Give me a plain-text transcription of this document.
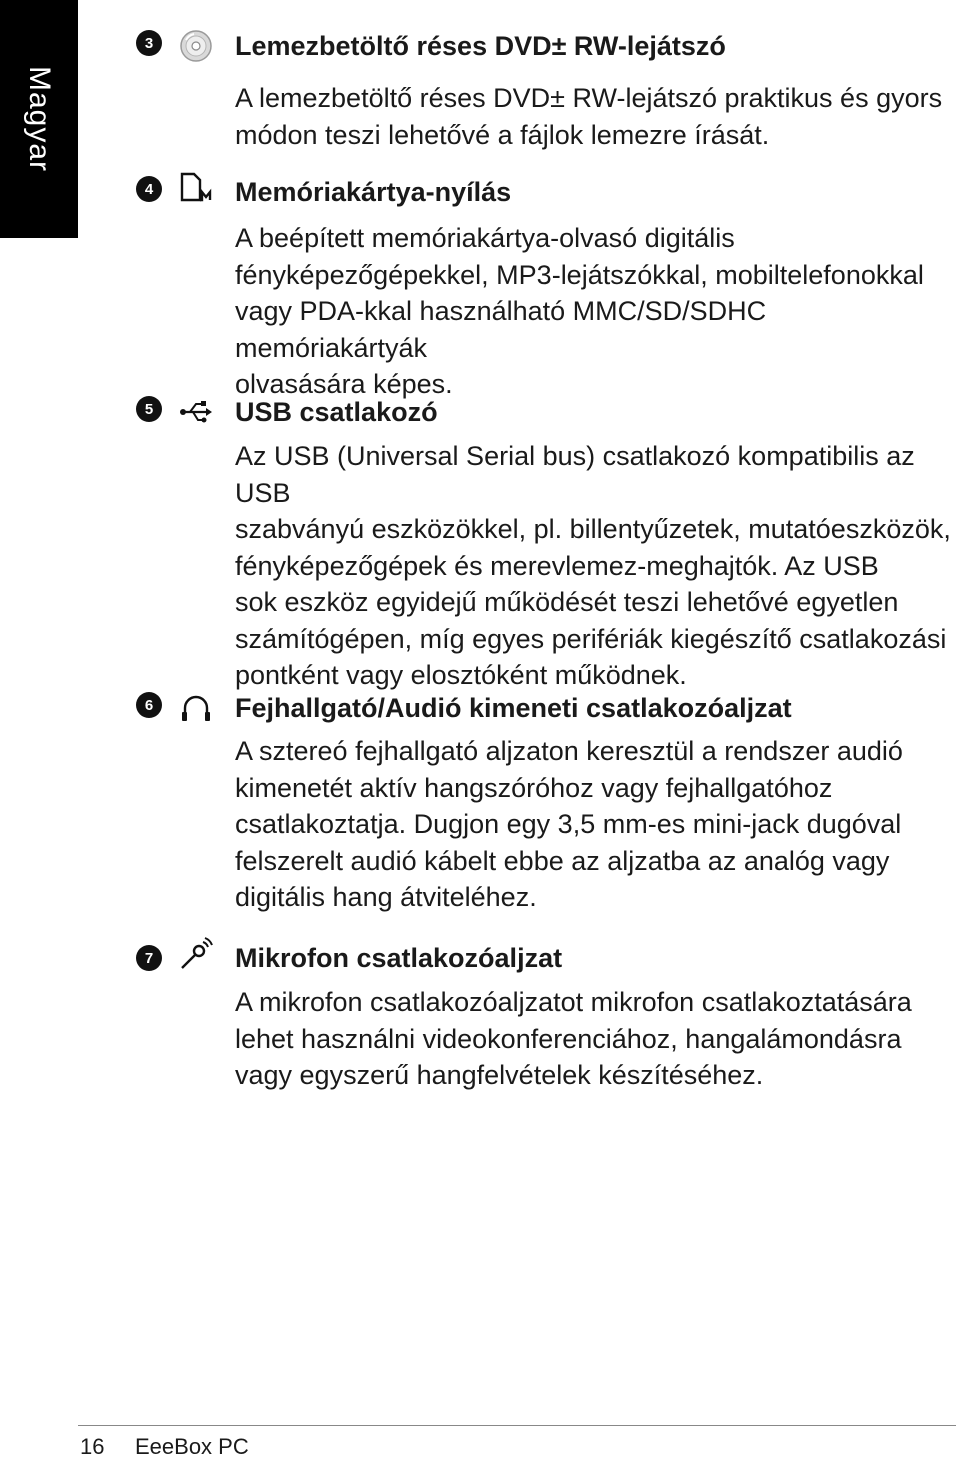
Magyar
3	Lemezbetöltő réses DVD± RW-lejátszó
A lemezbetöltő réses DVD± RW-lejátszó praktikus és gyors
módon teszi lehetővé a fájlok lemezre írását.
4	Memóriakártya-nyílás
A beépített memóriakártya-olvasó digitális
fényképezőgépekkel, MP3-lejátszókkal, mobiltelefonokkal
vagy PDA-kkal használható MMC/SD/SDHC memóriakártyák
olvasására képes.
5	USB csatlakozó
Az USB (Universal Serial bus) csatlakozó kompatibilis az USB
szabványú eszközökkel, pl. billentyűzetek, mutatóeszközök,
fényképezőgépek és merevlemez-meghajtók. Az USB
sok eszköz egyidejű működését teszi lehetővé egyetlen
számítógépen, míg egyes perifériák kiegészítő csatlakozási
pontként vagy elosztóként működnek.
6	Fejhallgató/Audió kimeneti csatlakozóaljzat
A sztereó fejhallgató aljzaton keresztül a rendszer audió
kimenetét aktív hangszóróhoz vagy fejhallgatóhoz
csatlakoztatja. Dugjon egy 3,5 mm-es mini-jack dugóval
felszerelt audió kábelt ebbe az aljzatba az analóg vagy
digitális hang átviteléhez.
7	Mikrofon csatlakozóaljzat
A mikrofon csatlakozóaljzatot mikrofon csatlakoztatására
lehet használni videokonferenciához, hangalámondásra
vagy egyszerű hangfelvételek készítéséhez.
16 EeeBox PC
